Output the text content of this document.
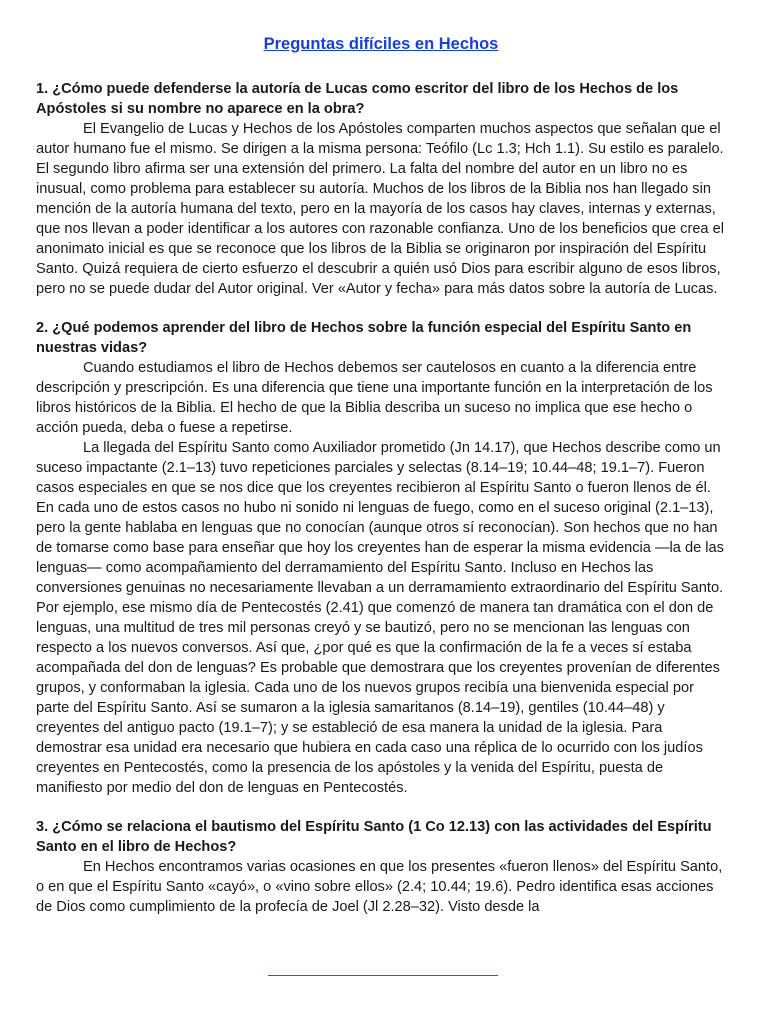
Preguntas difíciles en Hechos

1. ¿Cómo puede defenderse la autoría de Lucas como escritor del libro de los Hechos de los Apóstoles si su nombre no aparece en la obra?

El Evangelio de Lucas y Hechos de los Apóstoles comparten muchos aspectos que señalan que el autor humano fue el mismo. Se dirigen a la misma persona: Teófilo (Lc 1.3; Hch 1.1). Su estilo es paralelo. El segundo libro afirma ser una extensión del primero. La falta del nombre del autor en un libro no es inusual, como problema para establecer su autoría. Muchos de los libros de la Biblia nos han llegado sin mención de la autoría humana del texto, pero en la mayoría de los casos hay claves, internas y externas, que nos llevan a poder identificar a los autores con razonable confianza. Uno de los beneficios que crea el anonimato inicial es que se reconoce que los libros de la Biblia se originaron por inspiración del Espíritu Santo. Quizá requiera de cierto esfuerzo el descubrir a quién usó Dios para escribir alguno de esos libros, pero no se puede dudar del Autor original. Ver «Autor y fecha» para más datos sobre la autoría de Lucas.

2. ¿Qué podemos aprender del libro de Hechos sobre la función especial del Espíritu Santo en nuestras vidas?

Cuando estudiamos el libro de Hechos debemos ser cautelosos en cuanto a la diferencia entre descripción y prescripción. Es una diferencia que tiene una importante función en la interpretación de los libros históricos de la Biblia. El hecho de que la Biblia describa un suceso no implica que ese hecho o acción pueda, deba o fuese a repetirse.

La llegada del Espíritu Santo como Auxiliador prometido (Jn 14.17), que Hechos describe como un suceso impactante (2.1–13) tuvo repeticiones parciales y selectas (8.14–19; 10.44–48; 19.1–7). Fueron casos especiales en que se nos dice que los creyentes recibieron al Espíritu Santo o fueron llenos de él. En cada uno de estos casos no hubo ni sonido ni lenguas de fuego, como en el suceso original (2.1–13), pero la gente hablaba en lenguas que no conocían (aunque otros sí reconocían). Son hechos que no han de tomarse como base para enseñar que hoy los creyentes han de esperar la misma evidencia —la de las lenguas— como acompañamiento del derramamiento del Espíritu Santo. Incluso en Hechos las conversiones genuinas no necesariamente llevaban a un derramamiento extraordinario del Espíritu Santo. Por ejemplo, ese mismo día de Pentecostés (2.41) que comenzó de manera tan dramática con el don de lenguas, una multitud de tres mil personas creyó y se bautizó, pero no se mencionan las lenguas con respecto a los nuevos conversos. Así que, ¿por qué es que la confirmación de la fe a veces sí estaba acompañada del don de lenguas? Es probable que demostrara que los creyentes provenían de diferentes grupos, y conformaban la iglesia. Cada uno de los nuevos grupos recibía una bienvenida especial por parte del Espíritu Santo. Así se sumaron a la iglesia samaritanos (8.14–19), gentiles (10.44–48) y creyentes del antiguo pacto (19.1–7); y se estableció de esa manera la unidad de la iglesia. Para demostrar esa unidad era necesario que hubiera en cada caso una réplica de lo ocurrido con los judíos creyentes en Pentecostés, como la presencia de los apóstoles y la venida del Espíritu, puesta de manifiesto por medio del don de lenguas en Pentecostés.

3. ¿Cómo se relaciona el bautismo del Espíritu Santo (1 Co 12.13) con las actividades del Espíritu Santo en el libro de Hechos?

En Hechos encontramos varias ocasiones en que los presentes «fueron llenos» del Espíritu Santo, o en que el Espíritu Santo «cayó», o «vino sobre ellos» (2.4; 10.44; 19.6). Pedro identifica esas acciones de Dios como cumplimiento de la profecía de Joel (Jl 2.28–32). Visto desde la
